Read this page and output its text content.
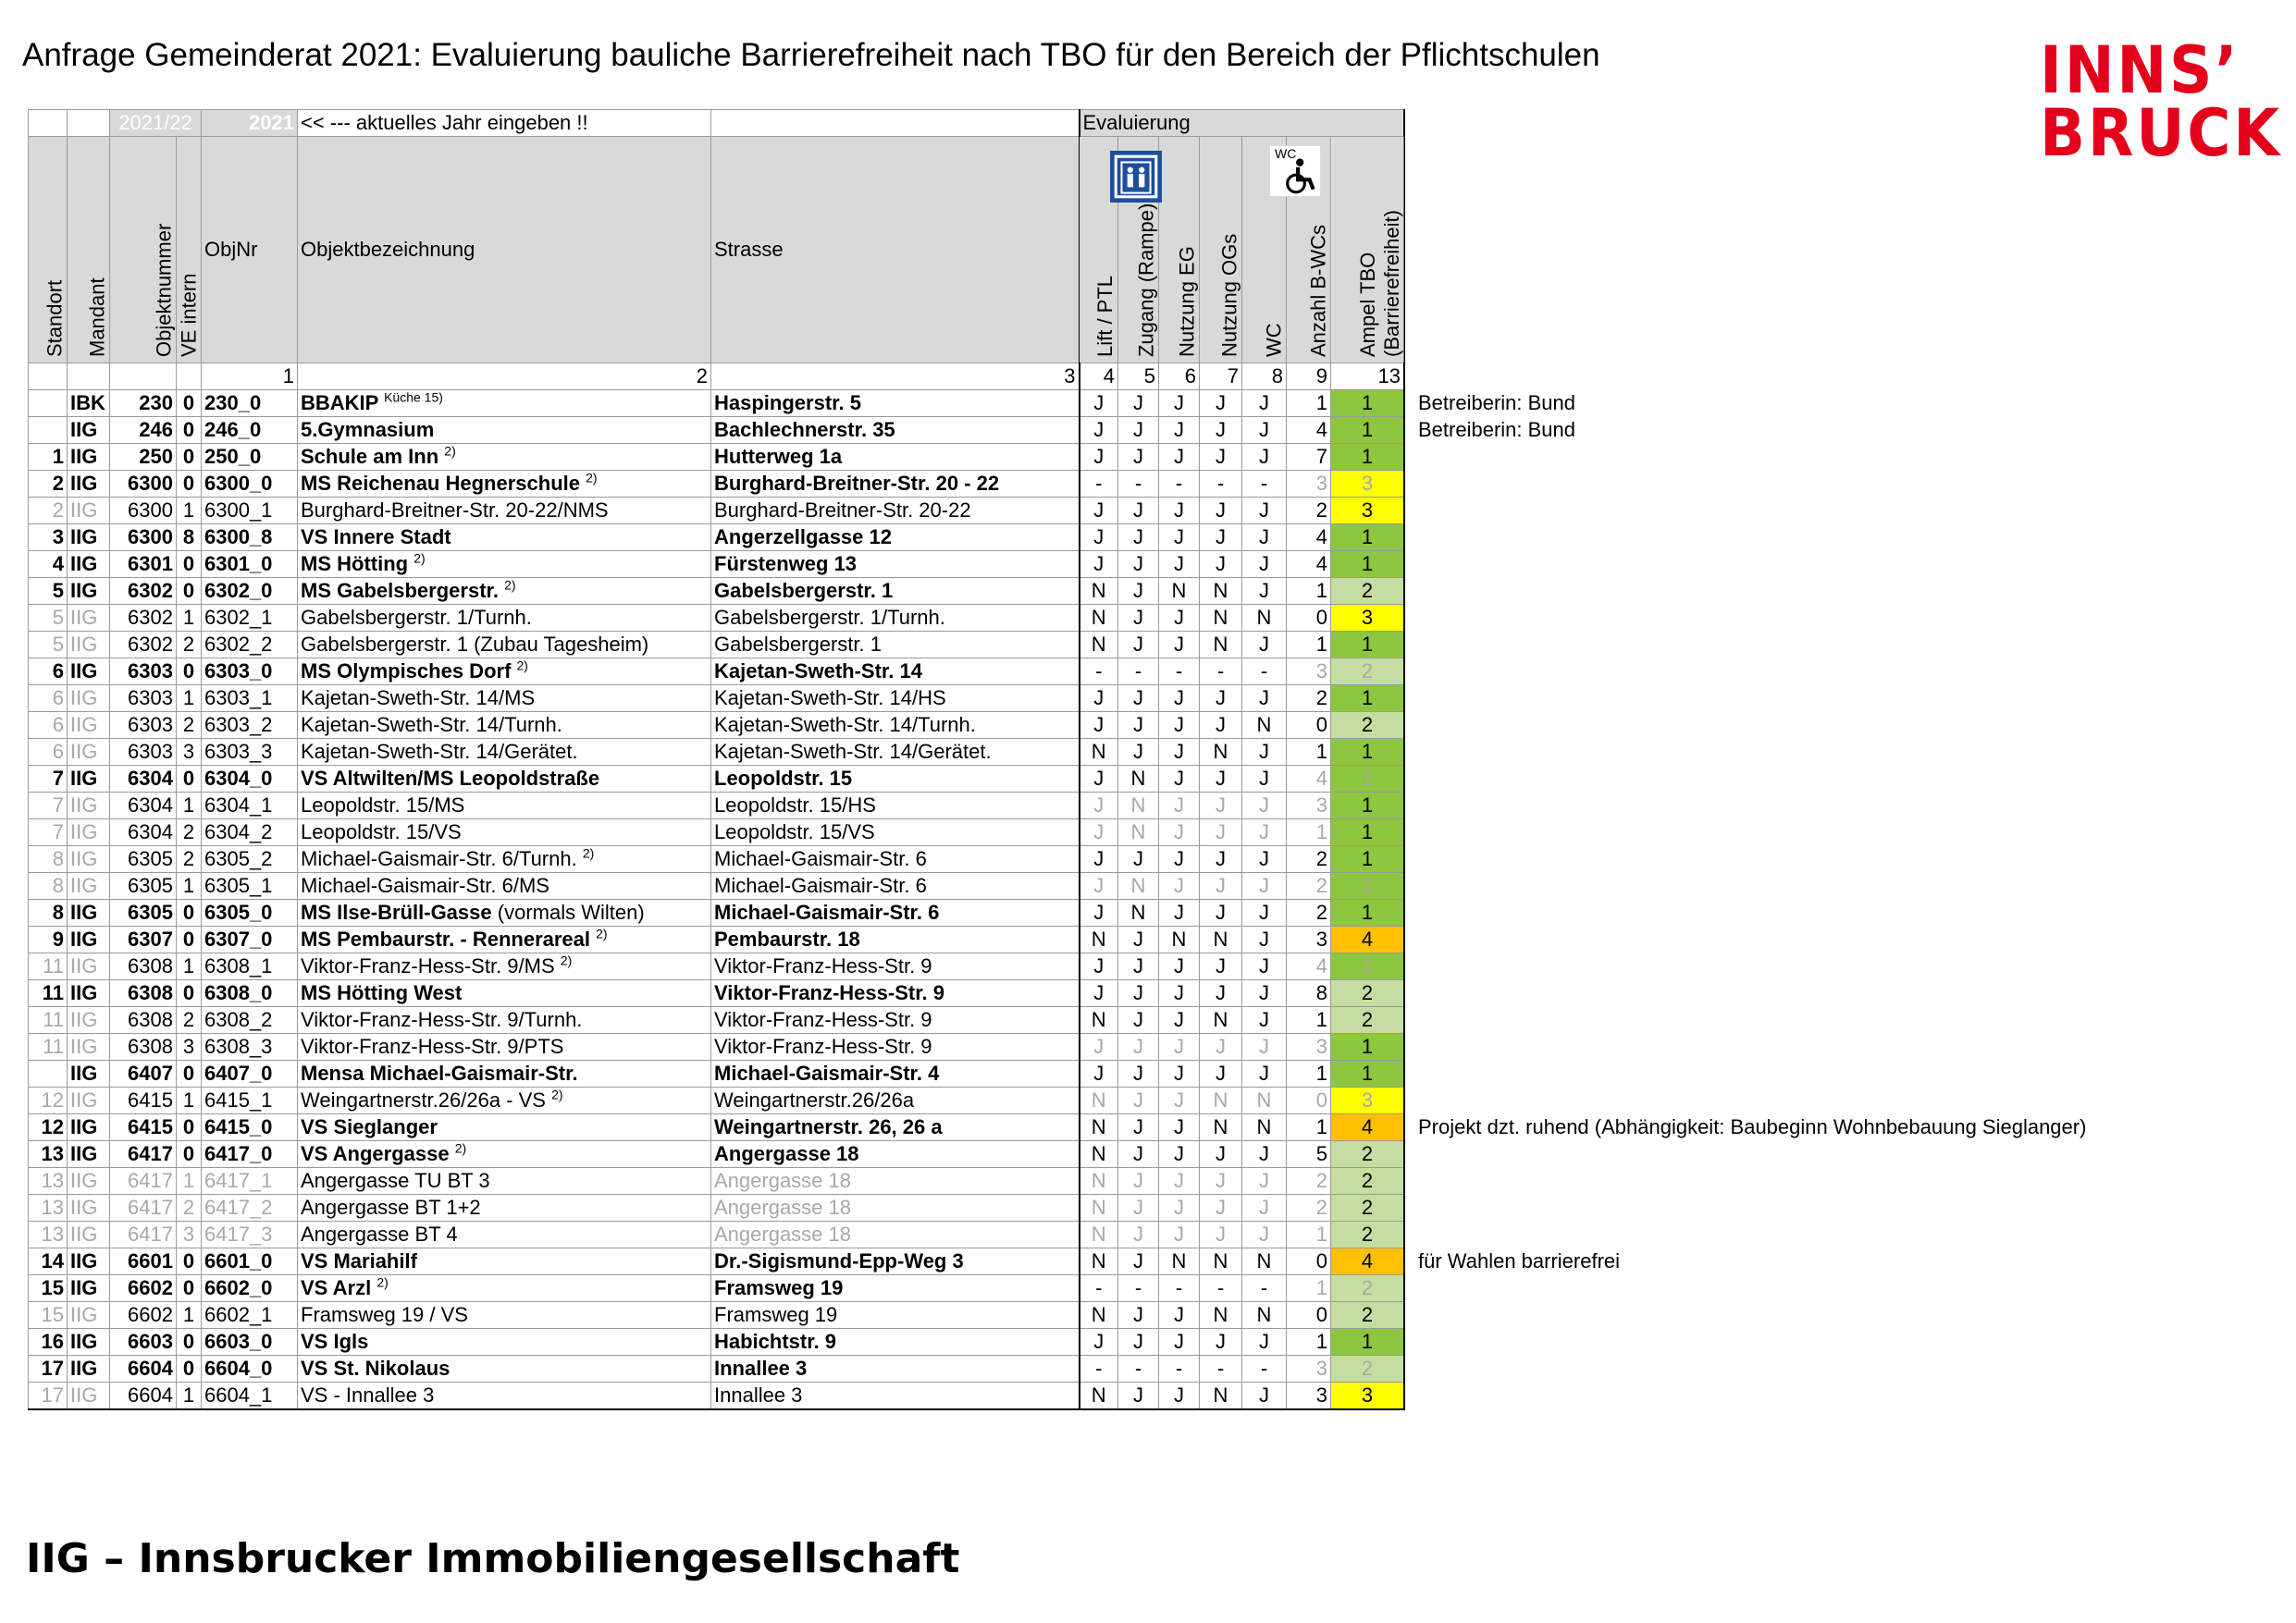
Anfrage Gemeinderat 2021: Evaluierung bauliche Barrierefreiheit nach TBO für den Bereich der Pflichtschulen	INNS’
BRUCK
		2021/22		2021	<< --- aktuelles Jahr eingeben !!		Evaluierung						
Standort	Mandant	Objektnummer	VE intern	ObjNr	Objektbezeichnung	Strasse	Lift / PTL	Zugang (Rampe)	Nutzung EG	Nutzung OGs	WC	Anzahl B-WCs	Ampel TBO (Barrierefreiheit)
				1	2	3	4	5	6	7	8	9	13
	IBK	230	0	230_0	BBAKIP $^{Küche 15)}$	Haspingerstr. 5	J	J	J	J	J	1	1
	IIG	246	0	246_0	5.Gymnasium	Bachlechnerstr. 35	J	J	J	J	J	4	1
1	IIG	250	0	250_0	Schule am Inn $^{2)}$	Hutterweg 1a	J	J	J	J	J	7	1
2	IIG	6300	0	6300_0	MS Reichenau Hegnerschule $^{2)}$	Burghard-Breitner-Str. 20 - 22	-	-	-	-	-	3	3
2	IIG	6300	1	6300_1	Burghard-Breitner-Str. 20-22/NMS	Burghard-Breitner-Str. 20-22	J	J	J	J	J	2	3
3	IIG	6300	8	6300_8	VS Innere Stadt	Angerzellgasse 12	J	J	J	J	J	4	1
4	IIG	6301	0	6301_0	MS Hötting $^{2)}$	Fürstenweg 13	J	J	J	J	J	4	1
5	IIG	6302	0	6302_0	MS Gabelsbergerstr. $^{2)}$	Gabelsbergerstr. 1	N	J	N	N	J	1	2
5	IIG	6302	1	6302_1	Gabelsbergerstr. 1/Turnh.	Gabelsbergerstr. 1/Turnh.	N	J	J	N	N	0	3
5	IIG	6302	2	6302_2	Gabelsbergerstr. 1 (Zubau Tagesheim)	Gabelsbergerstr. 1	N	J	J	N	J	1	1
6	IIG	6303	0	6303_0	MS Olympisches Dorf $^{2)}$	Kajetan-Sweth-Str. 14	-	-	-	-	-	3	2
6	IIG	6303	1	6303_1	Kajetan-Sweth-Str. 14/MS	Kajetan-Sweth-Str. 14/HS	J	J	J	J	J	2	1
6	IIG	6303	2	6303_2	Kajetan-Sweth-Str. 14/Turnh.	Kajetan-Sweth-Str. 14/Turnh.	J	J	J	J	N	0	2
6	IIG	6303	3	6303_3	Kajetan-Sweth-Str. 14/Gerätet.	Kajetan-Sweth-Str. 14/Gerätet.	N	J	J	N	J	1	1
7	IIG	6304	0	6304_0	VS Altwilten/MS Leopoldstraße	Leopoldstr. 15	J	N	J	J	J	4	1
7	IIG	6304	1	6304_1	Leopoldstr. 15/MS	Leopoldstr. 15/HS	J	N	J	J	J	3	1
7	IIG	6304	2	6304_2	Leopoldstr. 15/VS	Leopoldstr. 15/VS	J	N	J	J	J	1	1
8	IIG	6305	2	6305_2	Michael-Gaismair-Str. 6/Turnh. $^{2)}$	Michael-Gaismair-Str. 6	J	J	J	J	J	2	1
8	IIG	6305	1	6305_1	Michael-Gaismair-Str. 6/MS	Michael-Gaismair-Str. 6	J	N	J	J	J	2	1
8	IIG	6305	0	6305_0	MS Ilse-Brüll-Gasse (vormals Wilten)	Michael-Gaismair-Str. 6	J	N	J	J	J	2	1
9	IIG	6307	0	6307_0	MS Pembaurstr. - Rennerareal $^{2)}$	Pembaurstr. 18	N	J	N	N	J	3	4
11	IIG	6308	1	6308_1	Viktor-Franz-Hess-Str. 9/MS $^{2)}$	Viktor-Franz-Hess-Str. 9	J	J	J	J	J	4	1
11	IIG	6308	0	6308_0	MS Hötting West	Viktor-Franz-Hess-Str. 9	J	J	J	J	J	8	2
11	IIG	6308	2	6308_2	Viktor-Franz-Hess-Str. 9/Turnh.	Viktor-Franz-Hess-Str. 9	N	J	J	N	J	1	2
11	IIG	6308	3	6308_3	Viktor-Franz-Hess-Str. 9/PTS	Viktor-Franz-Hess-Str. 9	J	J	J	J	J	3	1
	IIG	6407	0	6407_0	Mensa Michael-Gaismair-Str.	Michael-Gaismair-Str. 4	J	J	J	J	J	1	1
12	IIG	6415	1	6415_1	Weingartnerstr.26/26a - VS $^{2)}$	Weingartnerstr.26/26a	N	J	J	N	N	0	3
12	IIG	6415	0	6415_0	VS Sieglanger	Weingartnerstr. 26, 26 a	N	J	J	N	N	1	4
13	IIG	6417	0	6417_0	VS Angergasse $^{2)}$	Angergasse 18	N	J	J	J	J	5	2
13	IIG	6417	1	6417_1	Angergasse TU BT 3	Angergasse 18	N	J	J	J	J	2	2
13	IIG	6417	2	6417_2	Angergasse BT 1+2	Angergasse 18	N	J	J	J	J	2	2
13	IIG	6417	3	6417_3	Angergasse BT 4	Angergasse 18	N	J	J	J	J	1	2
14	IIG	6601	0	6601_0	VS Mariahilf	Dr.-Sigismund-Epp-Weg 3	N	J	N	N	N	0	4
15	IIG	6602	0	6602_0	VS Arzl $^{2)}$	Framsweg 19	-	-	-	-	-	1	2
15	IIG	6602	1	6602_1	Framsweg 19 / VS	Framsweg 19	N	J	J	N	N	0	2
16	IIG	6603	0	6603_0	VS Igls	Habichtstr. 9	J	J	J	J	J	1	1
17	IIG	6604	0	6604_0	VS St. Nikolaus	Innallee 3	-	-	-	-	-	3	2
17	IIG	6604	1	6604_1	VS - Innallee 3	Innallee 3	N	J	J	N	J	3	3
Betreiberin: Bund
Betreiberin: Bund
Projekt dzt. ruhend (Abhängigkeit: Baubeginn Wohnbebauung Sieglanger)
für Wahlen barrierefrei
IIG – Innsbrucker Immobiliengesellschaft
WC
